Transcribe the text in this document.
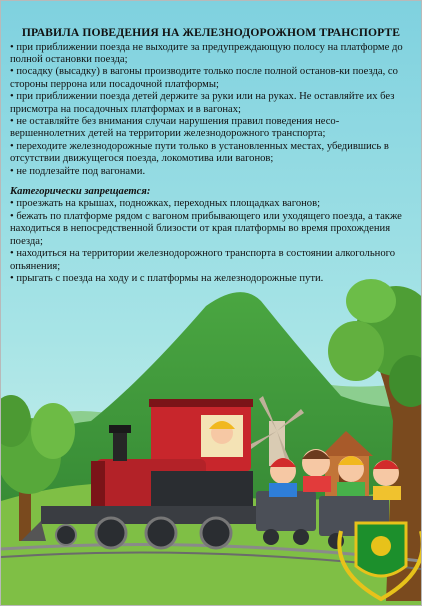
ПРАВИЛА ПОВЕДЕНИЯ НА ЖЕЛЕЗНОДОРОЖНОМ ТРАНСПОРТЕ

• при приближении поезда не выходите за предупреждающую полосу на платформе до полной остановки поезда;

• посадку (высадку) в вагоны производите только после полной останов-ки поезда, со стороны перрона или посадочной платформы;

• при приближении поезда детей держите за руки или на руках. Не оставляйте их без присмотра на посадочных платформах и в вагонах;

• не оставляйте без внимания случаи нарушения правил поведения несо-вершеннолетних детей на территории железнодорожного транспорта;

• переходите железнодорожные пути только в установленных местах, убедившись в отсутствии движущегося поезда, локомотива или вагонов;

• не подлезайте под вагонами.

Категорически запрещается:

• проезжать на крышах, подножках, переходных площадках вагонов;

• бежать по платформе рядом с вагоном прибывающего или уходящего поезда, а также находиться в непосредственной близости от края платформы во время прохождения поезда;

• находиться на территории железнодорожного транспорта в состоянии алкогольного опьянения;

• прыгать с поезда на ходу и с платформы на железнодорожные пути.
